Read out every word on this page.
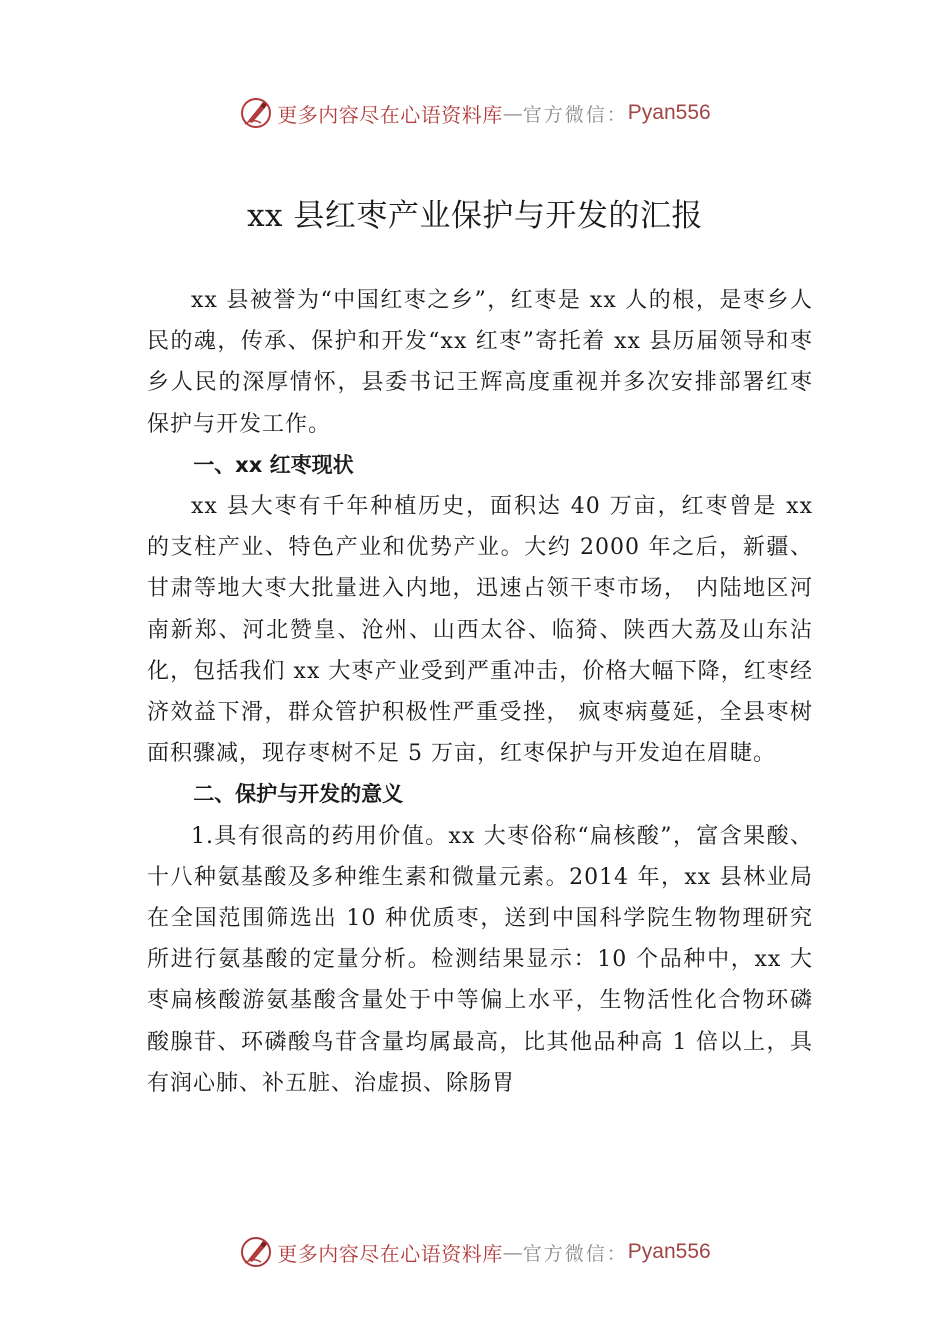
更多内容尽在心语资料库 — 官方微信： Pyan556
xx 县红枣产业保护与开发的汇报

xx 县被誉为“中国红枣之乡”，红枣是 xx 人的根，是枣乡人民的魂，传承、保护和开发“xx 红枣”寄托着 xx 县历届领导和枣乡人民的深厚情怀，县委书记王辉高度重视并多次安排部署红枣保护与开发工作。

一、xx 红枣现状

xx 县大枣有千年种植历史，面积达 40 万亩，红枣曾是 xx 的支柱产业、特色产业和优势产业。大约 2000 年之后，新疆、甘肃等地大枣大批量进入内地，迅速占领干枣市场， 内陆地区河南新郑、河北赞皇、沧州、山西太谷、临猗、陕西大荔及山东沾化，包括我们 xx 大枣产业受到严重冲击，价格大幅下降，红枣经济效益下滑，群众管护积极性严重受挫， 疯枣病蔓延，全县枣树面积骤减，现存枣树不足 5 万亩，红枣保护与开发迫在眉睫。

二、保护与开发的意义

1.具有很高的药用价值。xx 大枣俗称“扁核酸”，富含果酸、十八种氨基酸及多种维生素和微量元素。2014 年，xx 县林业局在全国范围筛选出 10 种优质枣，送到中国科学院生物物理研究所进行氨基酸的定量分析。检测结果显示：10 个品种中，xx 大枣扁核酸游氨基酸含量处于中等偏上水平，生物活性化合物环磷酸腺苷、环磷酸鸟苷含量均属最高，比其他品种高 1 倍以上，具有润心肺、补五脏、治虚损、除肠胃

更多内容尽在心语资料库 — 官方微信： Pyan556
